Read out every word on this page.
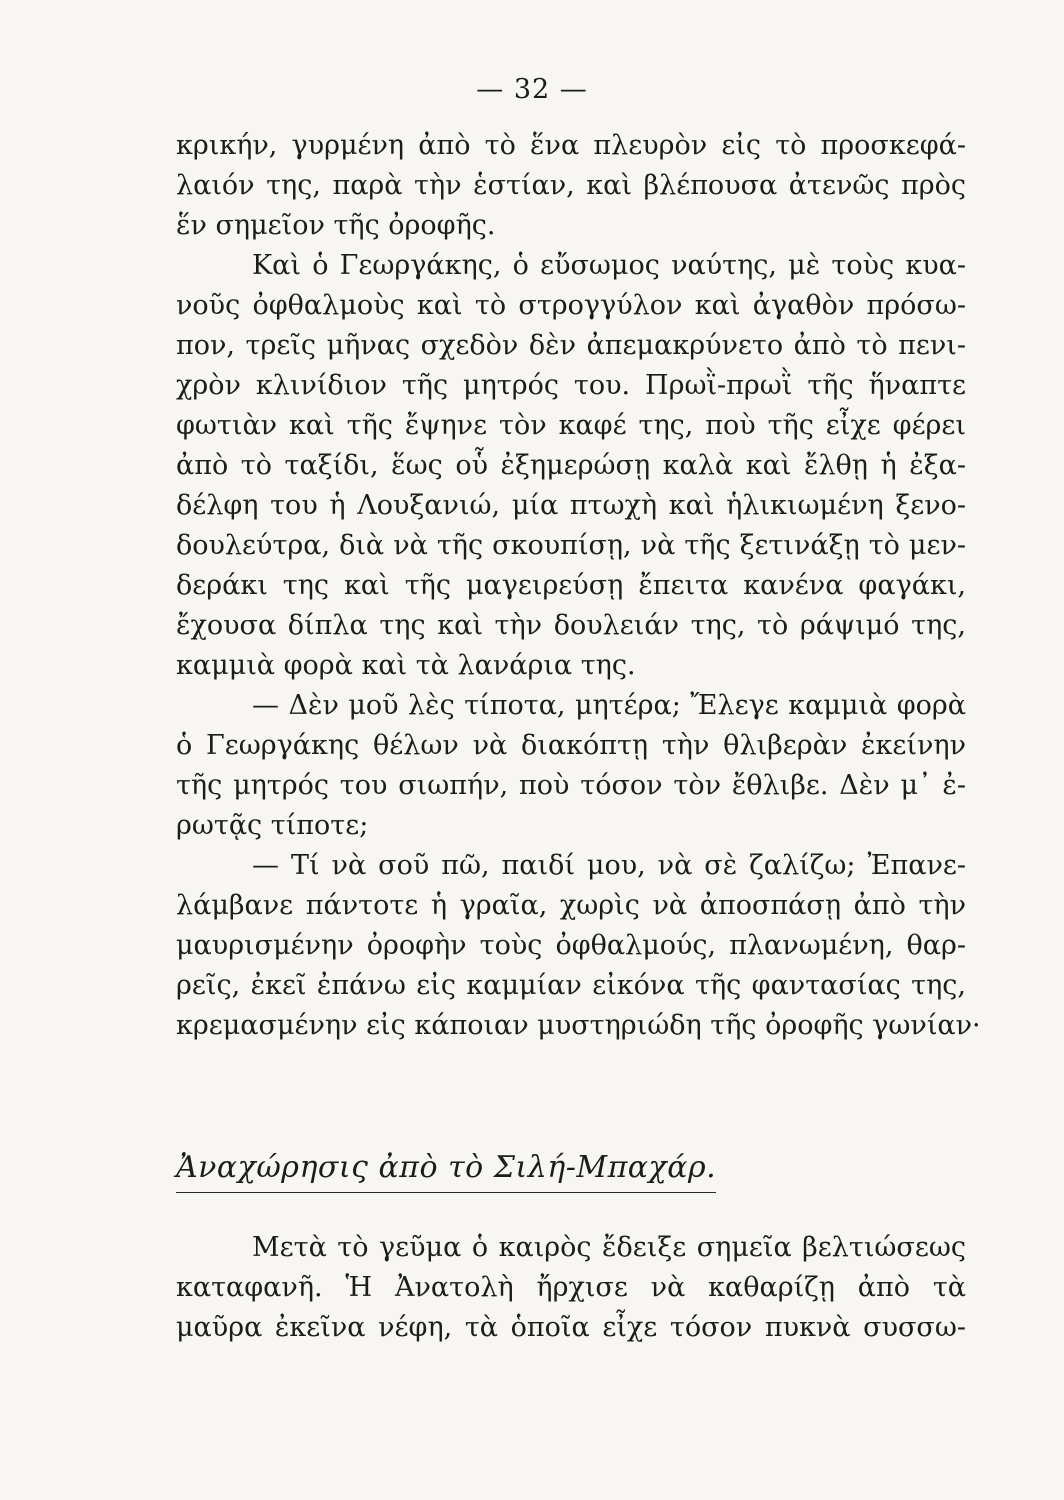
— 32 —
κρικήν, γυρμένη ἀπὸ τὸ ἕνα πλευρὸν εἰς τὸ προσκεφά-
λαιόν της, παρὰ τὴν ἑστίαν, καὶ βλέπουσα ἀτενῶς πρὸς
ἕν σημεῖον τῆς ὀροφῆς.
Καὶ ὁ Γεωργάκης, ὁ εὔσωμος ναύτης, μὲ τοὺς κυα-
νοῦς ὀφθαλμοὺς καὶ τὸ στρογγύλον καὶ ἀγαθὸν πρόσω-
πον, τρεῖς μῆνας σχεδὸν δὲν ἀπεμακρύνετο ἀπὸ τὸ πενι-
χρὸν κλινίδιον τῆς μητρός του. Πρωῒ-πρωῒ τῆς ἥναπτε
φωτιὰν καὶ τῆς ἔψηνε τὸν καφέ της, ποὺ τῆς εἶχε φέρει
ἀπὸ τὸ ταξίδι, ἕως οὗ ἐξημερώσῃ καλὰ καὶ ἔλθῃ ἡ ἐξα-
δέλφη του ἡ Λουξανιώ, μία πτωχὴ καὶ ἡλικιωμένη ξενο-
δουλεύτρα, διὰ νὰ τῆς σκουπίσῃ, νὰ τῆς ξετινάξῃ τὸ μεν-
δεράκι της καὶ τῆς μαγειρεύσῃ ἔπειτα κανένα φαγάκι,
ἔχουσα δίπλα της καὶ τὴν δουλειάν της, τὸ ράψιμό της,
καμμιὰ φορὰ καὶ τὰ λανάρια της.
— Δὲν μοῦ λὲς τίποτα, μητέρα; Ἔλεγε καμμιὰ φορὰ
ὁ Γεωργάκης θέλων νὰ διακόπτῃ τὴν θλιβερὰν ἐκείνην
τῆς μητρός του σιωπήν, ποὺ τόσον τὸν ἔθλιβε. Δὲν μ᾿ ἐ-
ρωτᾷς τίποτε;
— Τί νὰ σοῦ πῶ, παιδί μου, νὰ σὲ ζαλίζω; Ἐπανε-
λάμβανε πάντοτε ἡ γραῖα, χωρὶς νὰ ἀποσπάσῃ ἀπὸ τὴν
μαυρισμένην ὀροφὴν τοὺς ὀφθαλμούς, πλανωμένη, θαρ-
ρεῖς, ἐκεῖ ἐπάνω εἰς καμμίαν εἰκόνα τῆς φαντασίας της,
κρεμασμένην εἰς κάποιαν μυστηριώδη τῆς ὀροφῆς γωνίαν·
Ἀναχώρησις ἀπὸ τὸ Σιλή-Μπαχάρ.
Μετὰ τὸ γεῦμα ὁ καιρὸς ἔδειξε σημεῖα βελτιώσεως
καταφανῆ. Ἡ Ἀνατολὴ ἤρχισε νὰ καθαρίζῃ ἀπὸ τὰ
μαῦρα ἐκεῖνα νέφη, τὰ ὁποῖα εἶχε τόσον πυκνὰ συσσω-
